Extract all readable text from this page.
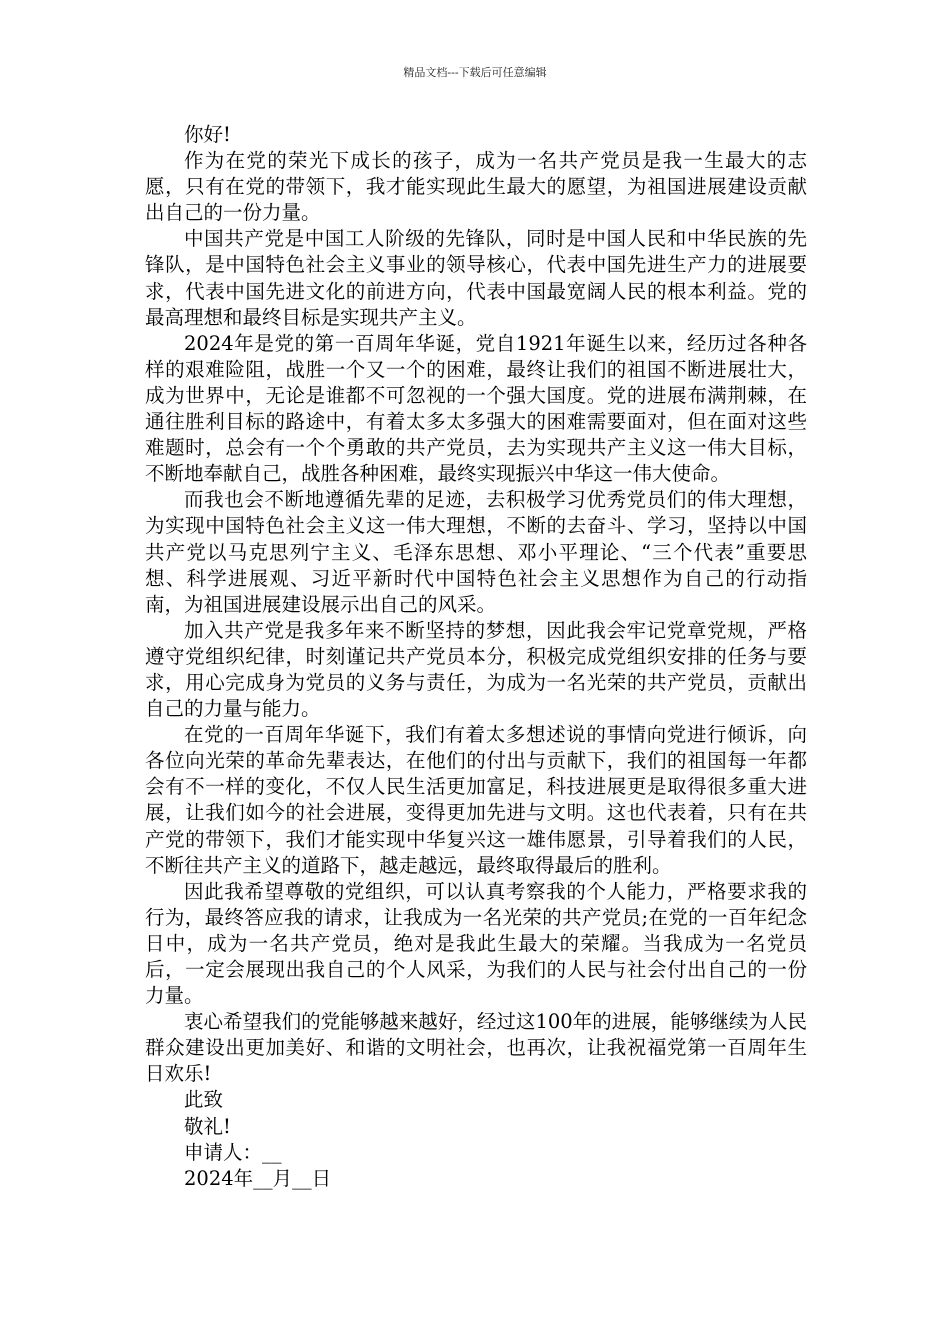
精品文档---下载后可任意编辑

你好!

作为在党的荣光下成长的孩子，成为一名共产党员是我一生最大的志愿，只有在党的带领下，我才能实现此生最大的愿望，为祖国进展建设贡献出自己的一份力量。

中国共产党是中国工人阶级的先锋队，同时是中国人民和中华民族的先锋队，是中国特色社会主义事业的领导核心，代表中国先进生产力的进展要求，代表中国先进文化的前进方向，代表中国最宽阔人民的根本利益。党的最高理想和最终目标是实现共产主义。

2024年是党的第一百周年华诞，党自1921年诞生以来，经历过各种各样的艰难险阻，战胜一个又一个的困难，最终让我们的祖国不断进展壮大，成为世界中，无论是谁都不可忽视的一个强大国度。党的进展布满荆棘，在通往胜利目标的路途中，有着太多太多强大的困难需要面对，但在面对这些难题时，总会有一个个勇敢的共产党员，去为实现共产主义这一伟大目标，不断地奉献自己，战胜各种困难，最终实现振兴中华这一伟大使命。

而我也会不断地遵循先辈的足迹，去积极学习优秀党员们的伟大理想，为实现中国特色社会主义这一伟大理想，不断的去奋斗、学习，坚持以中国共产党以马克思列宁主义、毛泽东思想、邓小平理论、“三个代表”重要思想、科学进展观、习近平新时代中国特色社会主义思想作为自己的行动指南，为祖国进展建设展示出自己的风采。

加入共产党是我多年来不断坚持的梦想，因此我会牢记党章党规，严格遵守党组织纪律，时刻谨记共产党员本分，积极完成党组织安排的任务与要求，用心完成身为党员的义务与责任，为成为一名光荣的共产党员，贡献出自己的力量与能力。

在党的一百周年华诞下，我们有着太多想述说的事情向党进行倾诉，向各位向光荣的革命先辈表达，在他们的付出与贡献下，我们的祖国每一年都会有不一样的变化，不仅人民生活更加富足，科技进展更是取得很多重大进展，让我们如今的社会进展，变得更加先进与文明。这也代表着，只有在共产党的带领下，我们才能实现中华复兴这一雄伟愿景，引导着我们的人民，不断往共产主义的道路下，越走越远，最终取得最后的胜利。

因此我希望尊敬的党组织，可以认真考察我的个人能力，严格要求我的行为，最终答应我的请求，让我成为一名光荣的共产党员;在党的一百年纪念日中，成为一名共产党员，绝对是我此生最大的荣耀。当我成为一名党员后，一定会展现出我自己的个人风采，为我们的人民与社会付出自己的一份力量。

衷心希望我们的党能够越来越好，经过这100年的进展，能够继续为人民群众建设出更加美好、和谐的文明社会，也再次，让我祝福党第一百周年生日欢乐!

此致

敬礼!

申请人：__

2024年__月__日
